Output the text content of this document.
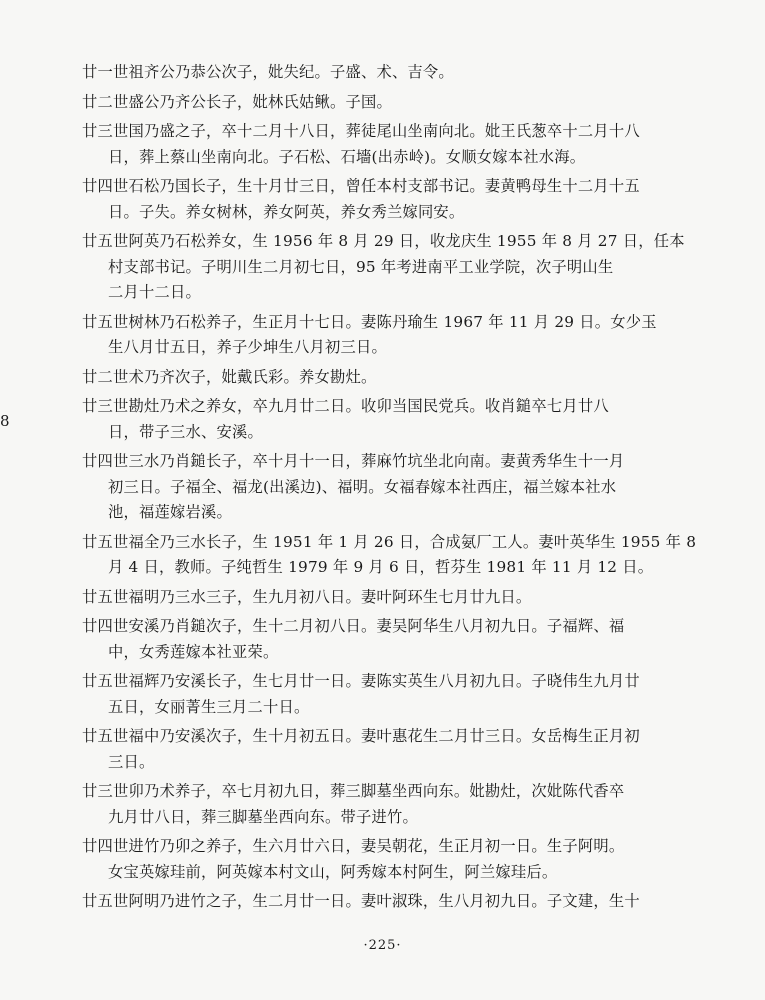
8
廿一世祖齐公乃恭公次子，妣失纪。子盛、术、吉令。
廿二世盛公乃齐公长子，妣林氏姑鳅。子国。
廿三世国乃盛之子，卒十二月十八日，葬徒尾山坐南向北。妣王氏葱卒十二月十八
日，葬上蔡山坐南向北。子石松、石墻(出赤岭)。女顺女嫁本社水海。
廿四世石松乃国长子，生十月廿三日，曾任本村支部书记。妻黄鸭母生十二月十五
日。子失。养女树林，养女阿英，养女秀兰嫁同安。
廿五世阿英乃石松养女，生 1956 年 8 月 29 日，收龙庆生 1955 年 8 月 27 日，任本
村支部书记。子明川生二月初七日，95 年考进南平工业学院，次子明山生
二月十二日。
廿五世树林乃石松养子，生正月十七日。妻陈丹瑜生 1967 年 11 月 29 日。女少玉
生八月廿五日，养子少坤生八月初三日。
廿二世术乃齐次子，妣戴氏彩。养女勘灶。
廿三世勘灶乃术之养女，卒九月廿二日。收卯当国民党兵。收肖鎚卒七月廿八
日，带子三水、安溪。
廿四世三水乃肖鎚长子，卒十月十一日，葬麻竹坑坐北向南。妻黄秀华生十一月
初三日。子福全、福龙(出溪边)、福明。女福春嫁本社西庄，福兰嫁本社水
池，福莲嫁岩溪。
廿五世福全乃三水长子，生 1951 年 1 月 26 日，合成氨厂工人。妻叶英华生 1955 年 8
月 4 日，教师。子纯哲生 1979 年 9 月 6 日，哲芬生 1981 年 11 月 12 日。
廿五世福明乃三水三子，生九月初八日。妻叶阿环生七月廿九日。
廿四世安溪乃肖鎚次子，生十二月初八日。妻吴阿华生八月初九日。子福辉、福
中，女秀莲嫁本社亚荣。
廿五世福辉乃安溪长子，生七月廿一日。妻陈实英生八月初九日。子晓伟生九月廿
五日，女丽菁生三月二十日。
廿五世福中乃安溪次子，生十月初五日。妻叶惠花生二月廿三日。女岳梅生正月初
三日。
廿三世卯乃术养子，卒七月初九日，葬三脚墓坐西向东。妣勘灶，次妣陈代香卒
九月廿八日，葬三脚墓坐西向东。带子进竹。
廿四世进竹乃卯之养子，生六月廿六日，妻吴朝花，生正月初一日。生子阿明。
女宝英嫁珪前，阿英嫁本村文山，阿秀嫁本村阿生，阿兰嫁珪后。
廿五世阿明乃进竹之子，生二月廿一日。妻叶淑珠，生八月初九日。子文建，生十
·225·
